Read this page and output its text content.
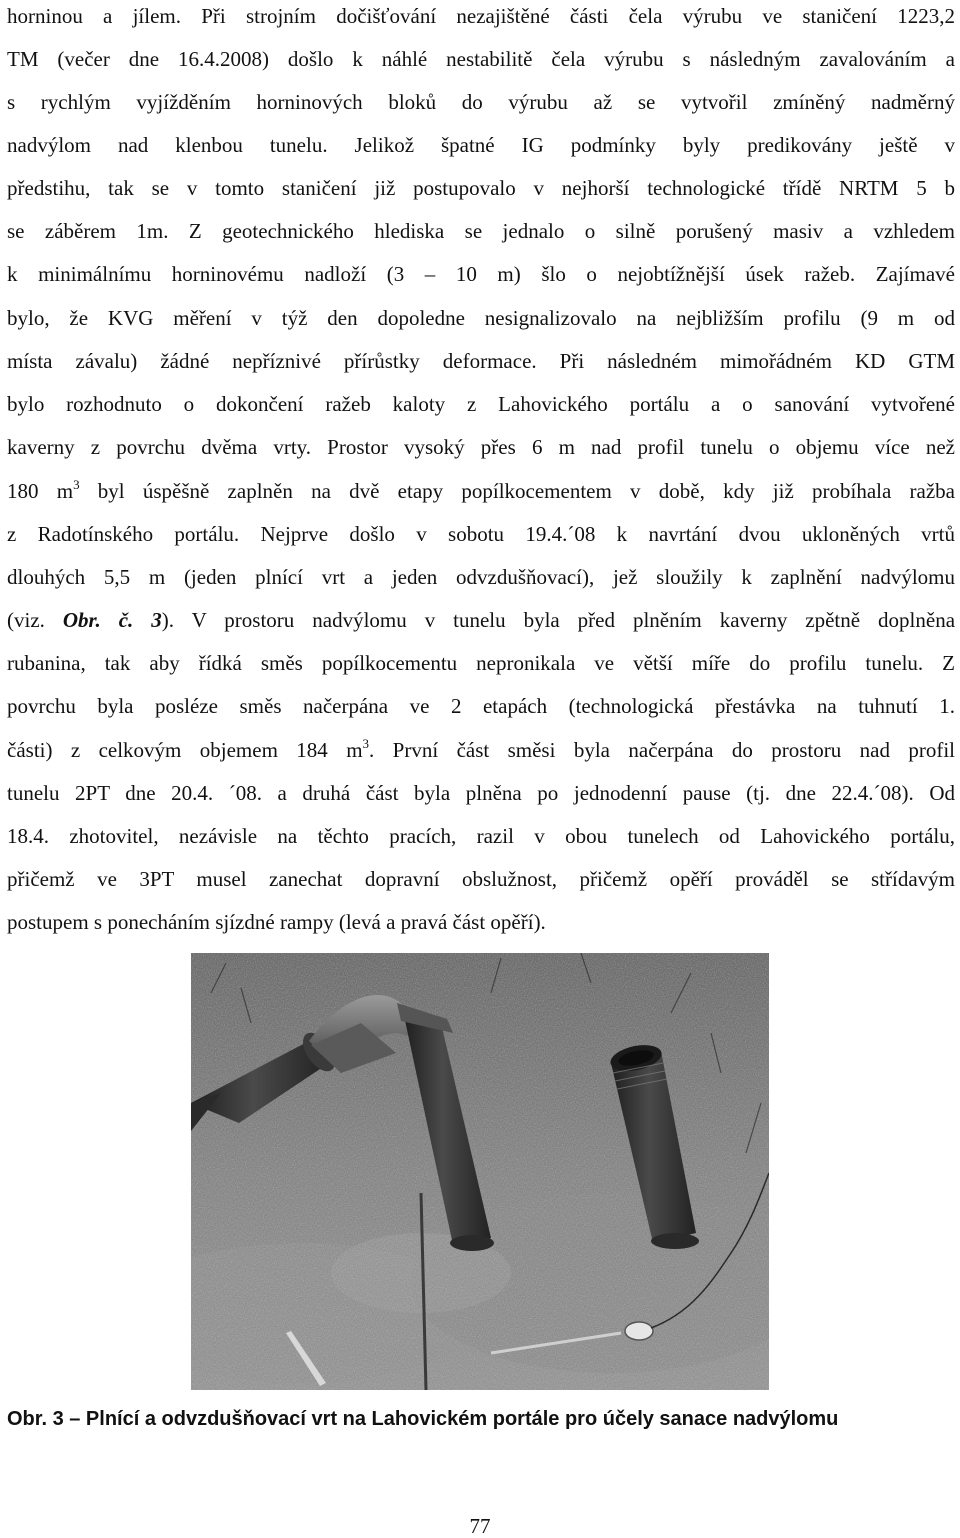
horninou a jílem. Při strojním dočišťování nezajištěné části čela výrubu ve staničení 1223,2
TM (večer dne 16.4.2008) došlo k náhlé nestabilitě čela výrubu s následným zavalováním a
s rychlým vyjížděním horninových bloků do výrubu až se vytvořil zmíněný nadměrný
nadvýlom nad klenbou tunelu. Jelikož špatné IG podmínky byly predikovány ještě v
předstihu, tak se v tomto staničení již postupovalo v nejhorší technologické třídě NRTM 5 b
se záběrem 1m. Z geotechnického hlediska se jednalo o silně porušený masiv a vzhledem
k minimálnímu horninovému nadloží (3 – 10 m) šlo o nejobtížnější úsek ražeb. Zajímavé
bylo, že KVG měření v týž den dopoledne nesignalizovalo na nejbližším profilu (9 m od
místa závalu) žádné nepříznivé přírůstky deformace. Při následném mimořádném KD GTM
bylo rozhodnuto o dokončení ražeb kaloty z Lahovického portálu a o sanování vytvořené
kaverny z povrchu dvěma vrty. Prostor vysoký přes 6 m nad profil tunelu o objemu více než
180 $m^3$ byl úspěšně zaplněn na dvě etapy popílkocementem v době, kdy již probíhala ražba
z Radotínského portálu. Nejprve došlo v sobotu 19.4.´08 k navrtání dvou ukloněných vrtů
dlouhých 5,5 m (jeden plnící vrt a jeden odvzdušňovací), jež sloužily k zaplnění nadvýlomu
(viz. Obr. č. 3). V prostoru nadvýlomu v tunelu byla před plněním kaverny zpětně doplněna
rubanina, tak aby řídká směs popílkocementu nepronikala ve větší míře do profilu tunelu. Z
povrchu byla posléze směs načerpána ve 2 etapách (technologická přestávka na tuhnutí 1.
části) z celkovým objemem 184 $m^3$. První část směsi byla načerpána do prostoru nad profil
tunelu 2PT dne 20.4. ´08. a druhá část byla plněna po jednodenní pause (tj. dne 22.4.´08). Od
18.4. zhotovitel, nezávisle na těchto pracích, razil v obou tunelech od Lahovického portálu,
přičemž ve 3PT musel zanechat dopravní obslužnost, přičemž opěří prováděl se střídavým
postupem s ponecháním sjízdné rampy (levá a pravá část opěří).
Obr. 3 – Plnící a odvzdušňovací vrt na Lahovickém portále pro účely sanace nadvýlomu
77
